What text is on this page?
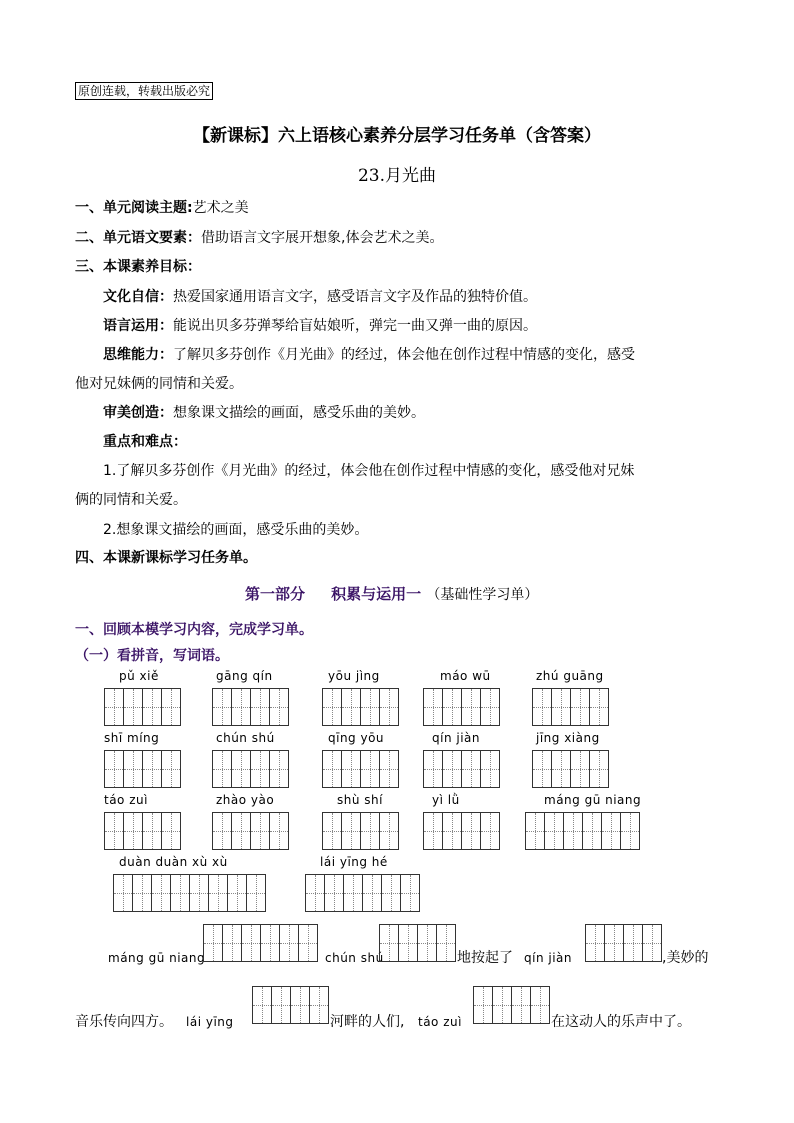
原创连载，转载出版必究
【新课标】六上语核心素养分层学习任务单（含答案）
23.月光曲
一、单元阅读主题:艺术之美
二、单元语文要素：借助语言文字展开想象,体会艺术之美。
三、本课素养目标：
文化自信：热爱国家通用语言文字，感受语言文字及作品的独特价值。
语言运用：能说出贝多芬弹琴给盲姑娘听，弹完一曲又弹一曲的原因。
思维能力：了解贝多芬创作《月光曲》的经过，体会他在创作过程中情感的变化，感受
他对兄妹俩的同情和关爱。
审美创造：想象课文描绘的画面，感受乐曲的美妙。
重点和难点：
1.了解贝多芬创作《月光曲》的经过，体会他在创作过程中情感的变化，感受他对兄妹
俩的同情和关爱。
2.想象课文描绘的画面，感受乐曲的美妙。
四、本课新课标学习任务单。
第一部分     积累与运用一 （基础性学习单）
一、回顾本模学习内容，完成学习单。
（一）看拼音，写词语。
pǔ xiě	gāng qín	yōu jìng	máo wū	zhú guāng
shī míng	chún shú	qīng yōu	qín jiàn	jīng xiàng
táo zuì	zhào yào	shù shí	yì lǜ	máng gū niang
duàn duàn xù xù	lái yīng hé
máng gū niang	chún shú	地按起了 qín jiàn	,美妙的
音乐传向四方。 lái yīng	河畔的人们, táo zuì	在这动人的乐声中了。
